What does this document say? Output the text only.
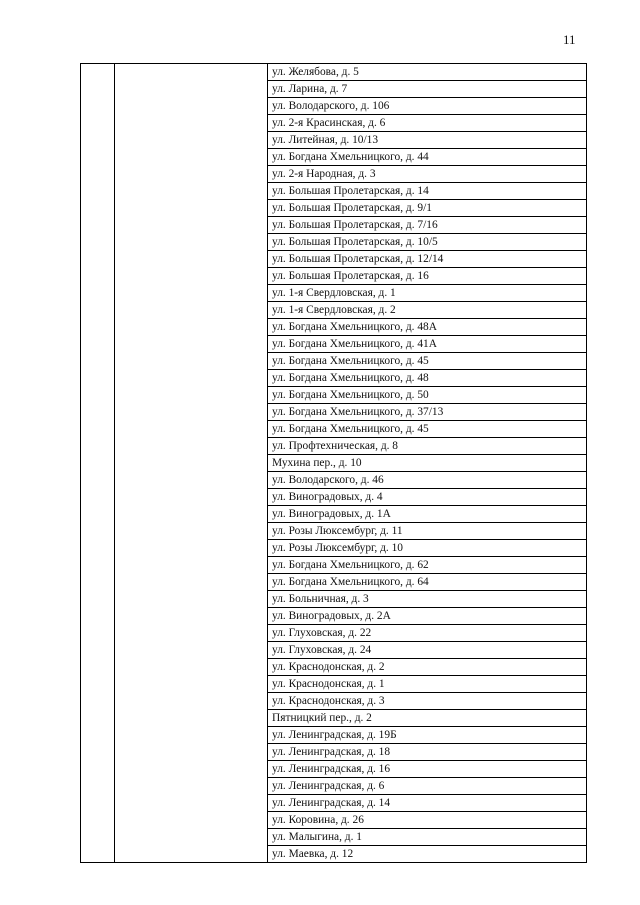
11
		ул. Желябова, д. 5
ул. Ларина, д. 7
ул. Володарского, д. 106
ул. 2-я Красинская, д. 6
ул. Литейная, д. 10/13
ул. Богдана Хмельницкого, д. 44
ул. 2-я Народная, д. 3
ул. Большая Пролетарская, д. 14
ул. Большая Пролетарская, д. 9/1
ул. Большая Пролетарская, д. 7/16
ул. Большая Пролетарская, д. 10/5
ул. Большая Пролетарская, д. 12/14
ул. Большая Пролетарская, д. 16
ул. 1-я Свердловская, д. 1
ул. 1-я Свердловская, д. 2
ул. Богдана Хмельницкого, д. 48А
ул. Богдана Хмельницкого, д. 41А
ул. Богдана Хмельницкого, д. 45
ул. Богдана Хмельницкого, д. 48
ул. Богдана Хмельницкого, д. 50
ул. Богдана Хмельницкого, д. 37/13
ул. Богдана Хмельницкого, д. 45
ул. Профтехническая, д. 8
Мухина пер., д. 10
ул. Володарского, д. 46
ул. Виноградовых, д. 4
ул. Виноградовых, д. 1А
ул. Розы Люксембург, д. 11
ул. Розы Люксембург, д. 10
ул. Богдана Хмельницкого, д. 62
ул. Богдана Хмельницкого, д. 64
ул. Больничная, д. 3
ул. Виноградовых, д. 2А
ул. Глуховская, д. 22
ул. Глуховская, д. 24
ул. Краснодонская, д. 2
ул. Краснодонская, д. 1
ул. Краснодонская, д. 3
Пятницкий пер., д. 2
ул. Ленинградская, д. 19Б
ул. Ленинградская, д. 18
ул. Ленинградская, д. 16
ул. Ленинградская, д. 6
ул. Ленинградская, д. 14
ул. Коровина, д. 26
ул. Малыгина, д. 1
ул. Маевка, д. 12
